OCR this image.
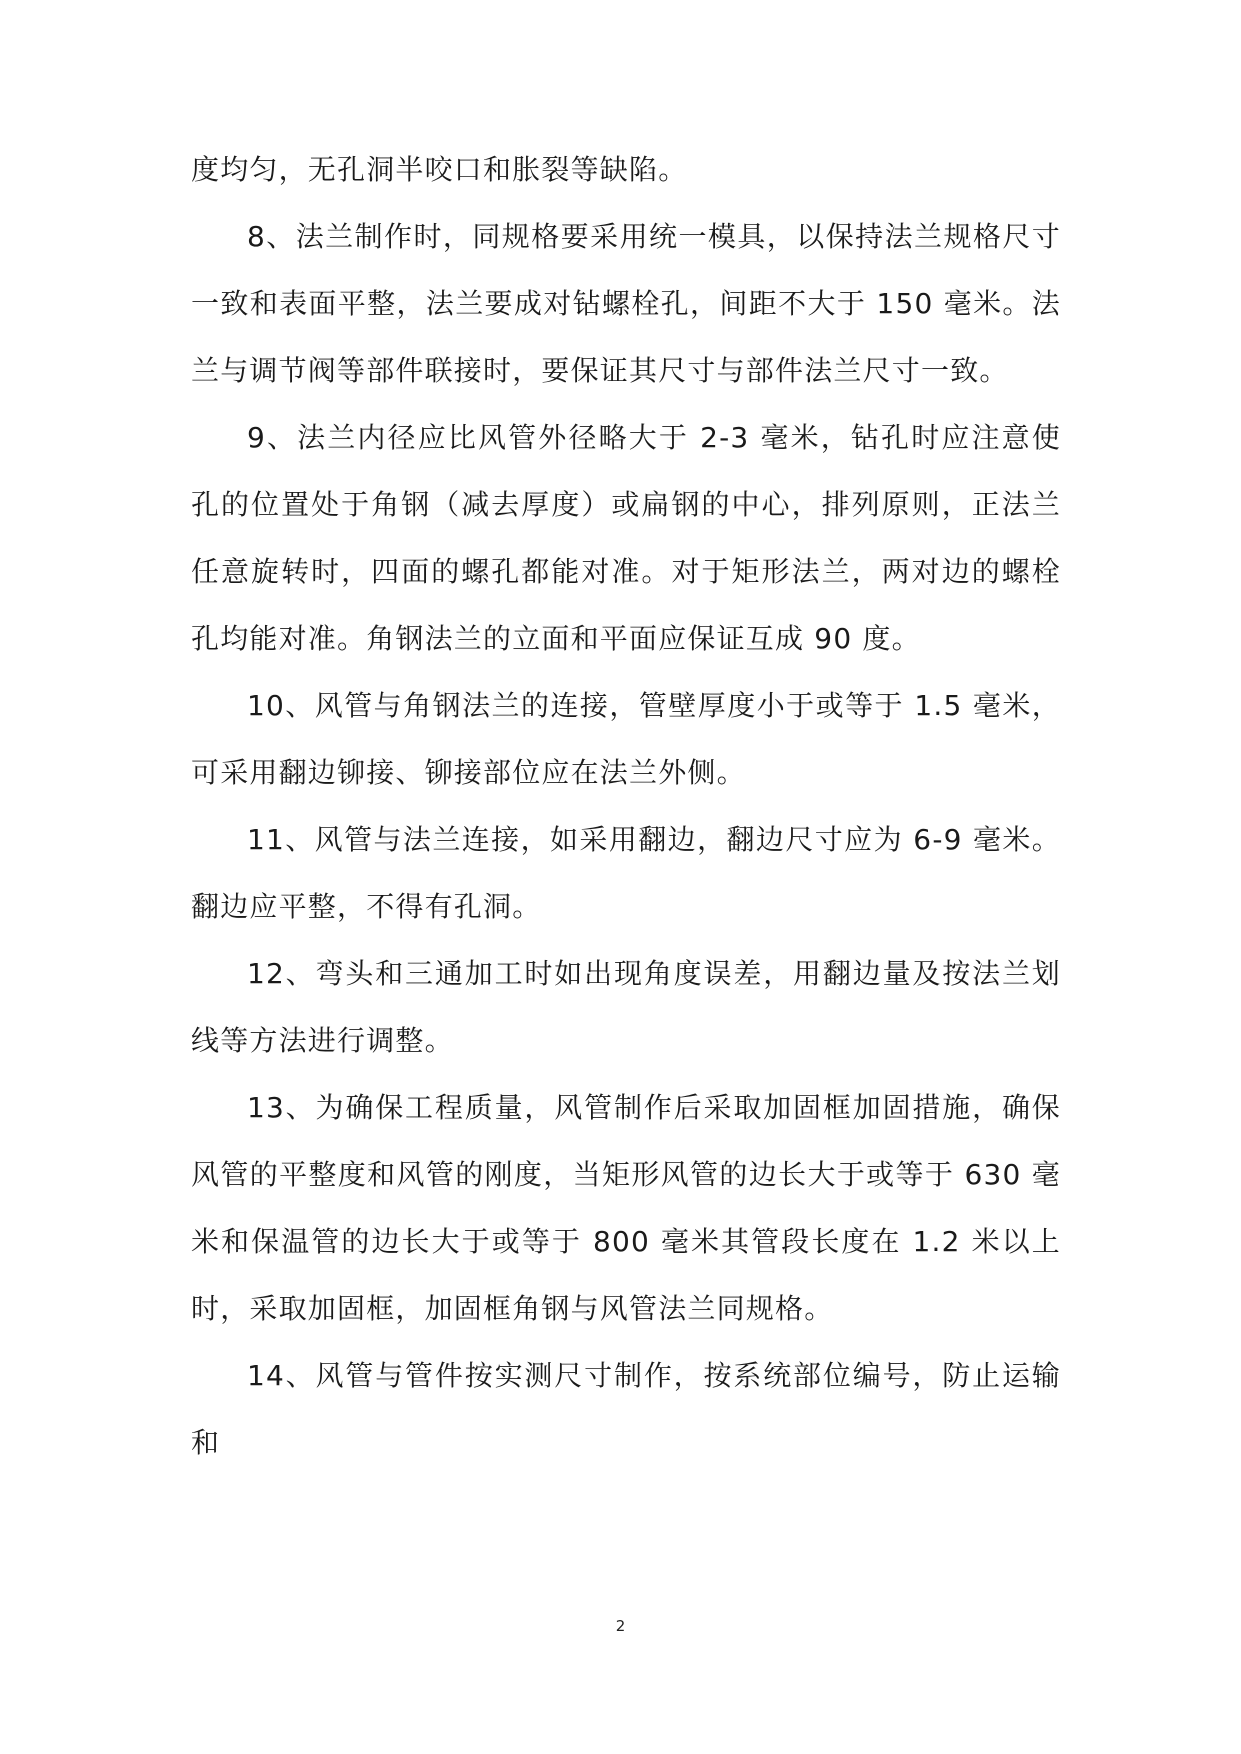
度均匀，无孔洞半咬口和胀裂等缺陷。

8、法兰制作时，同规格要采用统一模具，以保持法兰规格尺寸一致和表面平整，法兰要成对钻螺栓孔，间距不大于 150 毫米。法兰与调节阀等部件联接时，要保证其尺寸与部件法兰尺寸一致。

9、法兰内径应比风管外径略大于 2-3 毫米，钻孔时应注意使孔的位置处于角钢（减去厚度）或扁钢的中心，排列原则，正法兰任意旋转时，四面的螺孔都能对准。对于矩形法兰，两对边的螺栓孔均能对准。角钢法兰的立面和平面应保证互成 90 度。

10、风管与角钢法兰的连接，管壁厚度小于或等于 1.5 毫米，可采用翻边铆接、铆接部位应在法兰外侧。

11、风管与法兰连接，如采用翻边，翻边尺寸应为 6-9 毫米。翻边应平整，不得有孔洞。

12、弯头和三通加工时如出现角度误差，用翻边量及按法兰划线等方法进行调整。

13、为确保工程质量，风管制作后采取加固框加固措施，确保风管的平整度和风管的刚度，当矩形风管的边长大于或等于 630 毫米和保温管的边长大于或等于 800 毫米其管段长度在 1.2 米以上时，采取加固框，加固框角钢与风管法兰同规格。

14、风管与管件按实测尺寸制作，按系统部位编号，防止运输和

2
